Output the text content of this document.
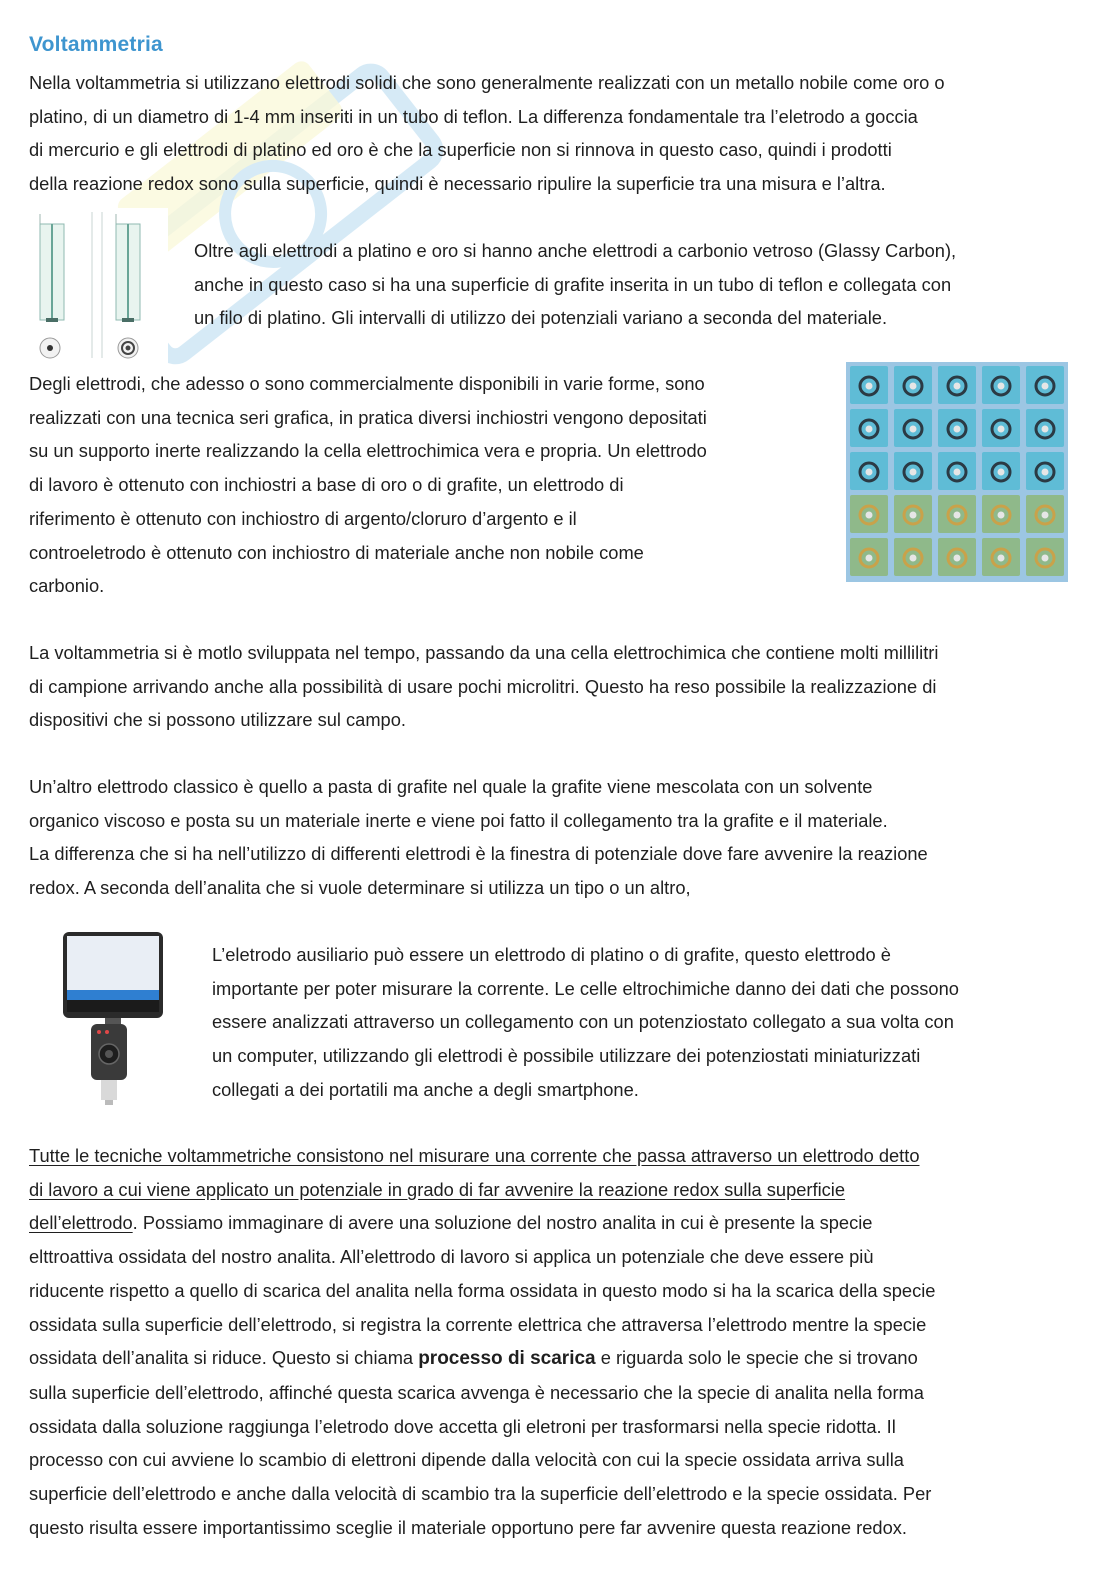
Voltammetria

Nella voltammetria si utilizzano elettrodi solidi che sono generalmente realizzati con un metallo nobile come oro o
platino, di un diametro di 1-4 mm inseriti in un tubo di teflon. La differenza fondamentale tra l’eletrodo a goccia
di mercurio e gli elettrodi di platino ed oro è che la superficie non si rinnova in questo caso, quindi i prodotti
della reazione redox sono sulla superficie, quindi è necessario ripulire la superficie tra una misura e l’altra.

Oltre agli elettrodi a platino e oro si hanno anche elettrodi a carbonio vetroso (Glassy Carbon),
anche in questo caso si ha una superficie di grafite inserita in un tubo di teflon e collegata con
un filo di platino. Gli intervalli di utilizzo dei potenziali variano a seconda del materiale.

Degli elettrodi, che adesso o sono commercialmente disponibili in varie forme, sono
realizzati con una tecnica seri grafica, in pratica diversi inchiostri vengono depositati
su un supporto inerte realizzando la cella elettrochimica vera e propria. Un elettrodo
di lavoro è ottenuto con inchiostri a base di oro o di grafite, un elettrodo di
riferimento è ottenuto con inchiostro di argento/cloruro d’argento e il
controeletrodo è ottenuto con inchiostro di materiale anche non nobile come
carbonio.

La voltammetria si è motlo sviluppata nel tempo, passando da una cella elettrochimica che contiene molti millilitri
di campione arrivando anche alla possibilità di usare pochi microlitri. Questo ha reso possibile la realizzazione di
dispositivi che si possono utilizzare sul campo.

Un’altro elettrodo classico è quello a pasta di grafite nel quale la grafite viene mescolata con un solvente
organico viscoso e posta su un materiale inerte e viene poi fatto il collegamento tra la grafite e il materiale.
La differenza che si ha nell’utilizzo di differenti elettrodi è la finestra di potenziale dove fare avvenire la reazione
redox. A seconda dell’analita che si vuole determinare si utilizza un tipo o un altro,

L’eletrodo ausiliario può essere un elettrodo di platino o di grafite, questo elettrodo è
importante per poter misurare la corrente. Le celle eltrochimiche danno dei dati che possono
essere analizzati attraverso un collegamento con un potenziostato collegato a sua volta con
un computer, utilizzando gli elettrodi è possibile utilizzare dei potenziostati miniaturizzati
collegati a dei portatili ma anche a degli smartphone.

Tutte le tecniche voltammetriche consistono nel misurare una corrente che passa attraverso un elettrodo detto
di lavoro a cui viene applicato un potenziale in grado di far avvenire la reazione redox sulla superficie
dell’elettrodo. Possiamo immaginare di avere una soluzione del nostro analita in cui è presente la specie
elttroattiva ossidata del nostro analita. All’elettrodo di lavoro si applica un potenziale che deve essere più
riducente rispetto a quello di scarica del analita nella forma ossidata in questo modo si ha la scarica della specie
ossidata sulla superficie dell’elettrodo, si registra la corrente elettrica che attraversa l’elettrodo mentre la specie
ossidata dell’analita si riduce. Questo si chiama processo di scarica e riguarda solo le specie che si trovano
sulla superficie dell’elettrodo, affinché questa scarica avvenga è necessario che la specie di analita nella forma
ossidata dalla soluzione raggiunga l’eletrodo dove accetta gli eletroni per trasformarsi nella specie ridotta. Il
processo con cui avviene lo scambio di elettroni dipende dalla velocità con cui la specie ossidata arriva sulla
superficie dell’elettrodo e anche dalla velocità di scambio tra la superficie dell’elettrodo e la specie ossidata. Per
questo risulta essere importantissimo sceglie il materiale opportuno pere far avvenire questa reazione redox.
